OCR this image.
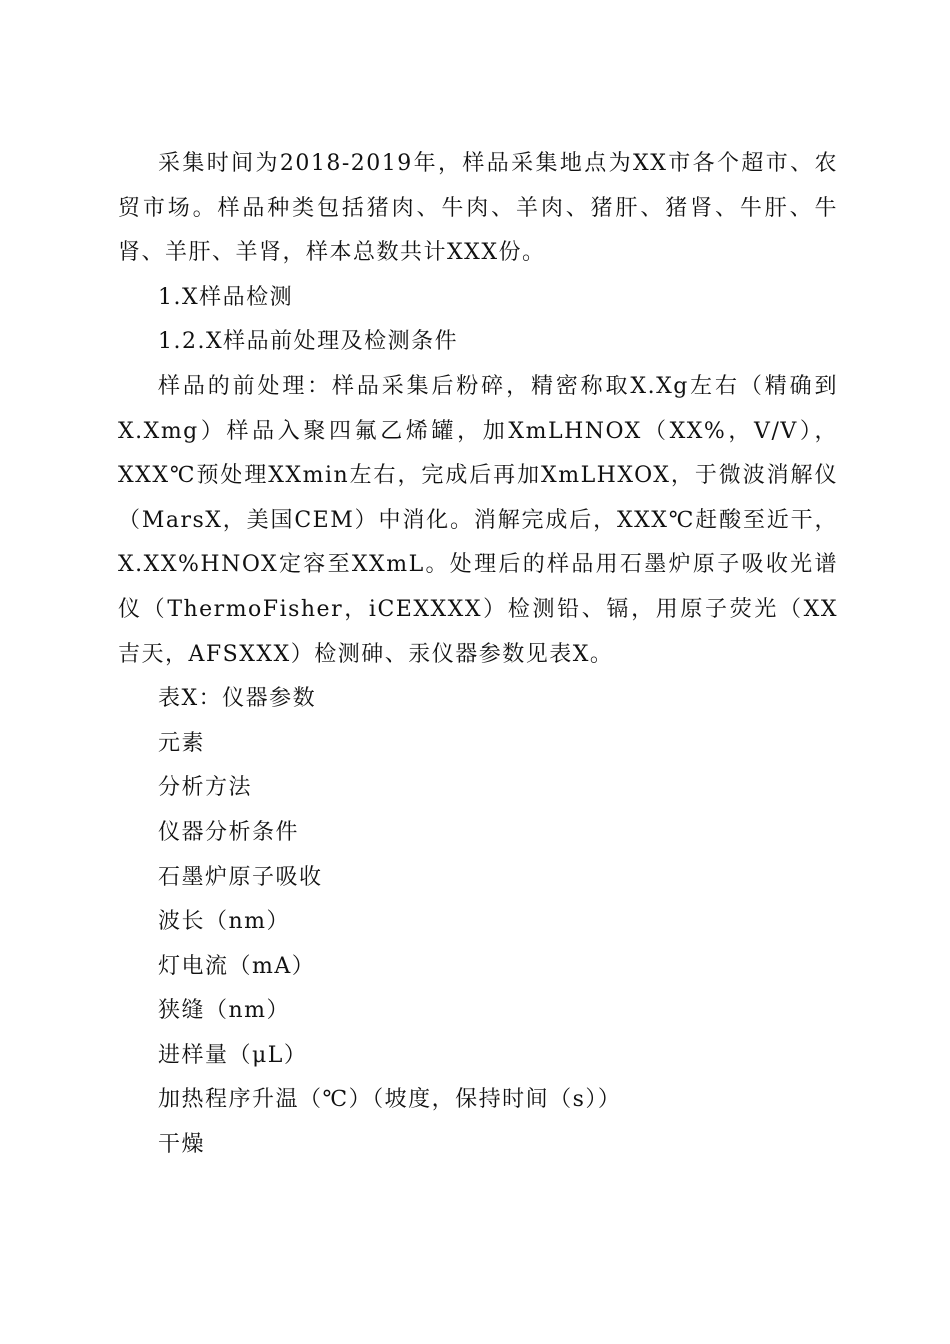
采集时间为2018-2019年，样品采集地点为XX市各个超市、农贸市场。样品种类包括猪肉、牛肉、羊肉、猪肝、猪肾、牛肝、牛肾、羊肝、羊肾，样本总数共计XXX份。

1.X样品检测

1.2.X样品前处理及检测条件

样品的前处理：样品采集后粉碎，精密称取X.Xg左右（精确到X.Xmg）样品入聚四氟乙烯罐，加XmLHNOX（XX%，V/V），XXX℃预处理XXmin左右，完成后再加XmLHXOX，于微波消解仪（MarsX，美国CEM）中消化。消解完成后，XXX℃赶酸至近干，X.XX%HNOX定容至XXmL。处理后的样品用石墨炉原子吸收光谱仪（ThermoFisher，iCEXXXX）检测铅、镉，用原子荧光（XX吉天，AFSXXX）检测砷、汞仪器参数见表X。

表X：仪器参数

元素

分析方法

仪器分析条件

石墨炉原子吸收

波长（nm）

灯电流（mA）

狭缝（nm）

进样量（μL）

加热程序升温（℃）（坡度，保持时间（s））

干燥
